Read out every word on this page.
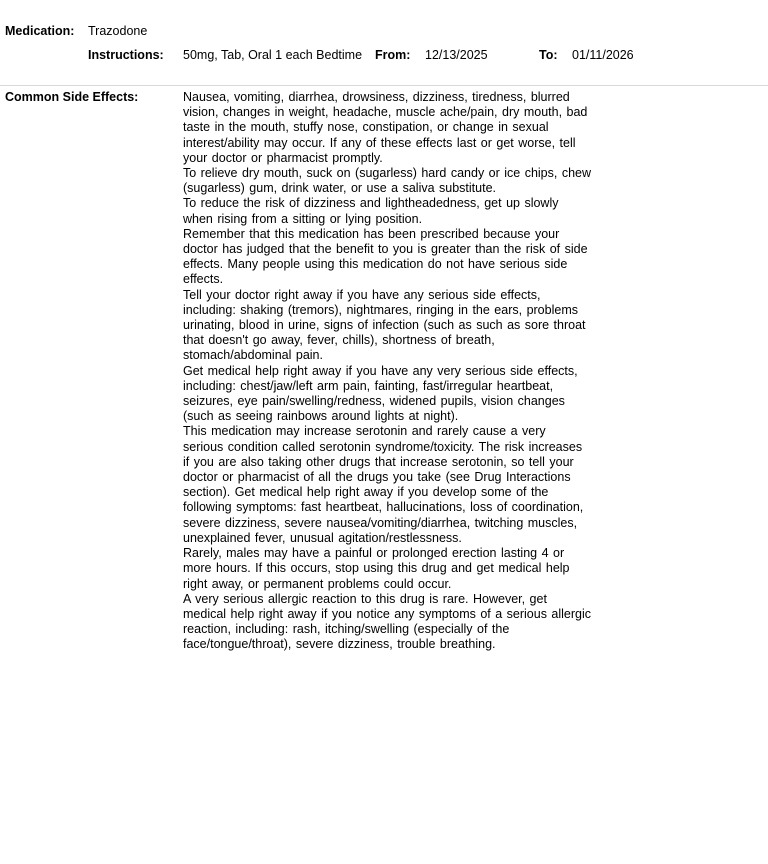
Medication: Trazodone
Instructions: 50mg, Tab, Oral 1 each Bedtime From: 12/13/2025	To: 01/11/2026
Common Side Effects:	Nausea, vomiting, diarrhea, drowsiness, dizziness, tiredness, blurred
vision, changes in weight, headache, muscle ache/pain, dry mouth, bad
taste in the mouth, stuffy nose, constipation, or change in sexual
interest/ability may occur. If any of these effects last or get worse, tell
your doctor or pharmacist promptly.
To relieve dry mouth, suck on (sugarless) hard candy or ice chips, chew
(sugarless) gum, drink water, or use a saliva substitute.
To reduce the risk of dizziness and lightheadedness, get up slowly
when rising from a sitting or lying position.
Remember that this medication has been prescribed because your
doctor has judged that the benefit to you is greater than the risk of side
effects. Many people using this medication do not have serious side
effects.
Tell your doctor right away if you have any serious side effects,
including: shaking (tremors), nightmares, ringing in the ears, problems
urinating, blood in urine, signs of infection (such as such as sore throat
that doesn't go away, fever, chills), shortness of breath,
stomach/abdominal pain.
Get medical help right away if you have any very serious side effects,
including: chest/jaw/left arm pain, fainting, fast/irregular heartbeat,
seizures, eye pain/swelling/redness, widened pupils, vision changes
(such as seeing rainbows around lights at night).
This medication may increase serotonin and rarely cause a very
serious condition called serotonin syndrome/toxicity. The risk increases
if you are also taking other drugs that increase serotonin, so tell your
doctor or pharmacist of all the drugs you take (see Drug Interactions
section). Get medical help right away if you develop some of the
following symptoms: fast heartbeat, hallucinations, loss of coordination,
severe dizziness, severe nausea/vomiting/diarrhea, twitching muscles,
unexplained fever, unusual agitation/restlessness.
Rarely, males may have a painful or prolonged erection lasting 4 or
more hours. If this occurs, stop using this drug and get medical help
right away, or permanent problems could occur.
A very serious allergic reaction to this drug is rare. However, get
medical help right away if you notice any symptoms of a serious allergic
reaction, including: rash, itching/swelling (especially of the
face/tongue/throat), severe dizziness, trouble breathing.
